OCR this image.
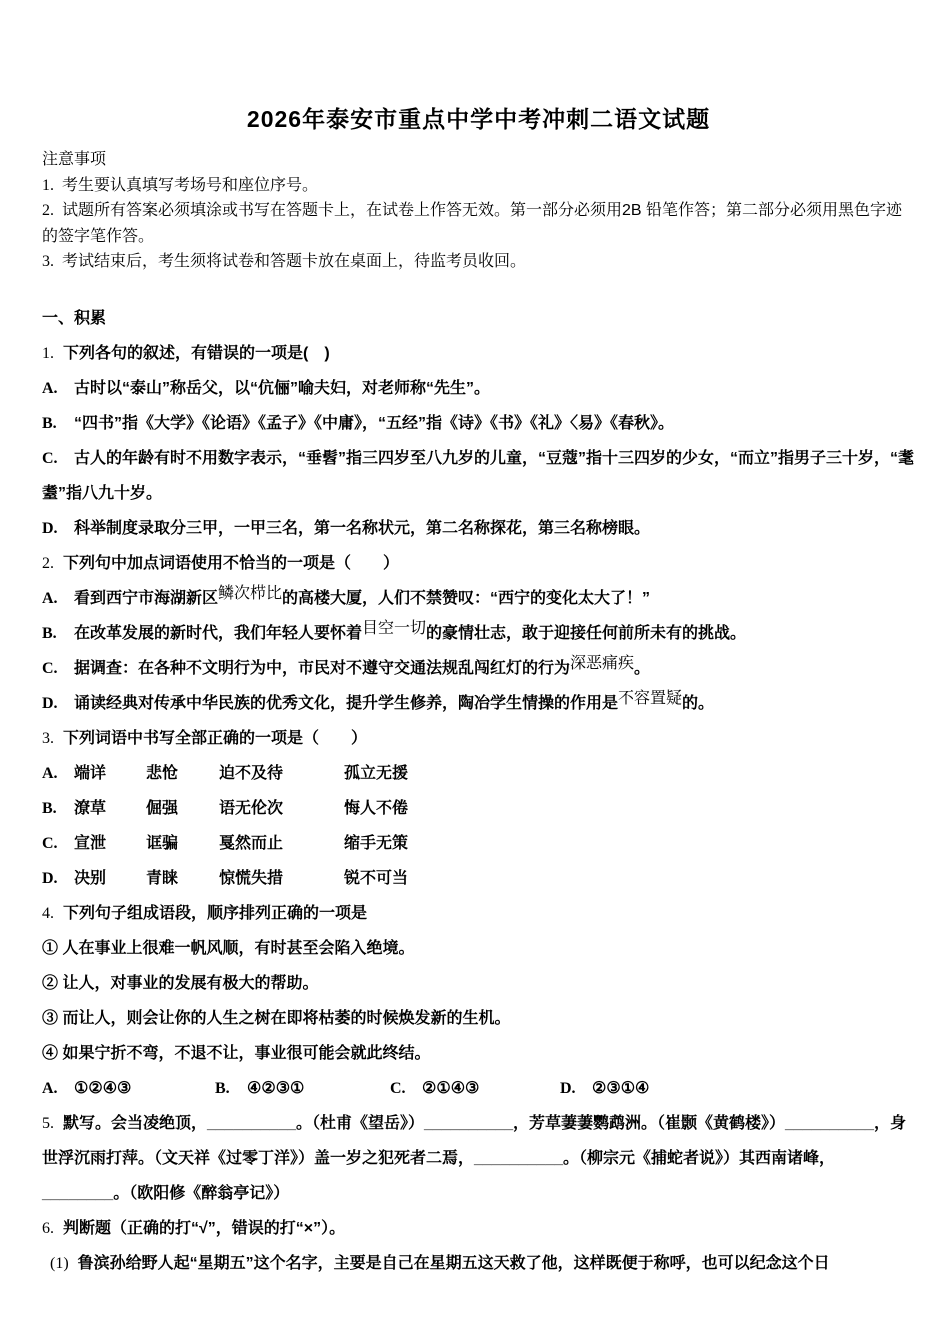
2026年泰安市重点中学中考冲刺二语文试题
注意事项
1. 考生要认真填写考场号和座位序号。
2. 试题所有答案必须填涂或书写在答题卡上，在试卷上作答无效。第一部分必须用2B 铅笔作答；第二部分必须用黑色字迹的签字笔作答。
3. 考试结束后，考生须将试卷和答题卡放在桌面上，待监考员收回。
一、积累
1. 下列各句的叙述，有错误的一项是(　)
A. 古时以“泰山”称岳父，以“伉俪”喻夫妇，对老师称“先生”。
B. “四书”指《大学》《论语》《孟子》《中庸》，“五经”指《诗》《书》《礼》〈易》《春秋》。
C. 古人的年龄有时不用数字表示，“垂髫”指三四岁至八九岁的儿童，“豆蔻”指十三四岁的少女，“而立”指男子三十岁，“耄耋”指八九十岁。
D. 科举制度录取分三甲，一甲三名，第一名称状元，第二名称探花，第三名称榜眼。
2. 下列句中加点词语使用不恰当的一项是（　　）
A. 看到西宁市海湖新区鳞次栉比的高楼大厦，人们不禁赞叹：“西宁的变化太大了！”
B. 在改革发展的新时代，我们年轻人要怀着目空一切的豪情壮志，敢于迎接任何前所未有的挑战。
C. 据调查：在各种不文明行为中，市民对不遵守交通法规乱闯红灯的行为深恶痛疾。
D. 诵读经典对传承中华民族的优秀文化，提升学生修养，陶冶学生情操的作用是不容置疑的。
3. 下列词语中书写全部正确的一项是（　　）
A. 端详 悲怆	迫不及待	孤立无援
B. 潦草 倔强	语无伦次	悔人不倦
C. 宣泄 诓骗	戛然而止	缩手无策
D. 决别 青睐	惊慌失措	锐不可当
4. 下列句子组成语段，顺序排列正确的一项是
① 人在事业上很难一帆风顺，有时甚至会陷入绝境。
② 让人，对事业的发展有极大的帮助。
③ 而让人，则会让你的人生之树在即将枯萎的时候焕发新的生机。
④ 如果宁折不弯，不退不让，事业很可能会就此终结。
A. ①②④③	B. ④②③①	C. ②①④③	D. ②③①④
5. 默写。会当凌绝顶，__________。（杜甫《望岳》）__________，芳草萋萋鹦鹉洲。（崔颢《黄鹤楼》）__________，身世浮沉雨打萍。（文天祥《过零丁洋》）盖一岁之犯死者二焉，__________。（柳宗元《捕蛇者说》）其西南诸峰，________。（欧阳修《醉翁亭记》）
6. 判断题（正确的打“√”，错误的打“×”）。
(1) 鲁滨孙给野人起“星期五”这个名字，主要是自己在星期五这天救了他，这样既便于称呼，也可以纪念这个日
